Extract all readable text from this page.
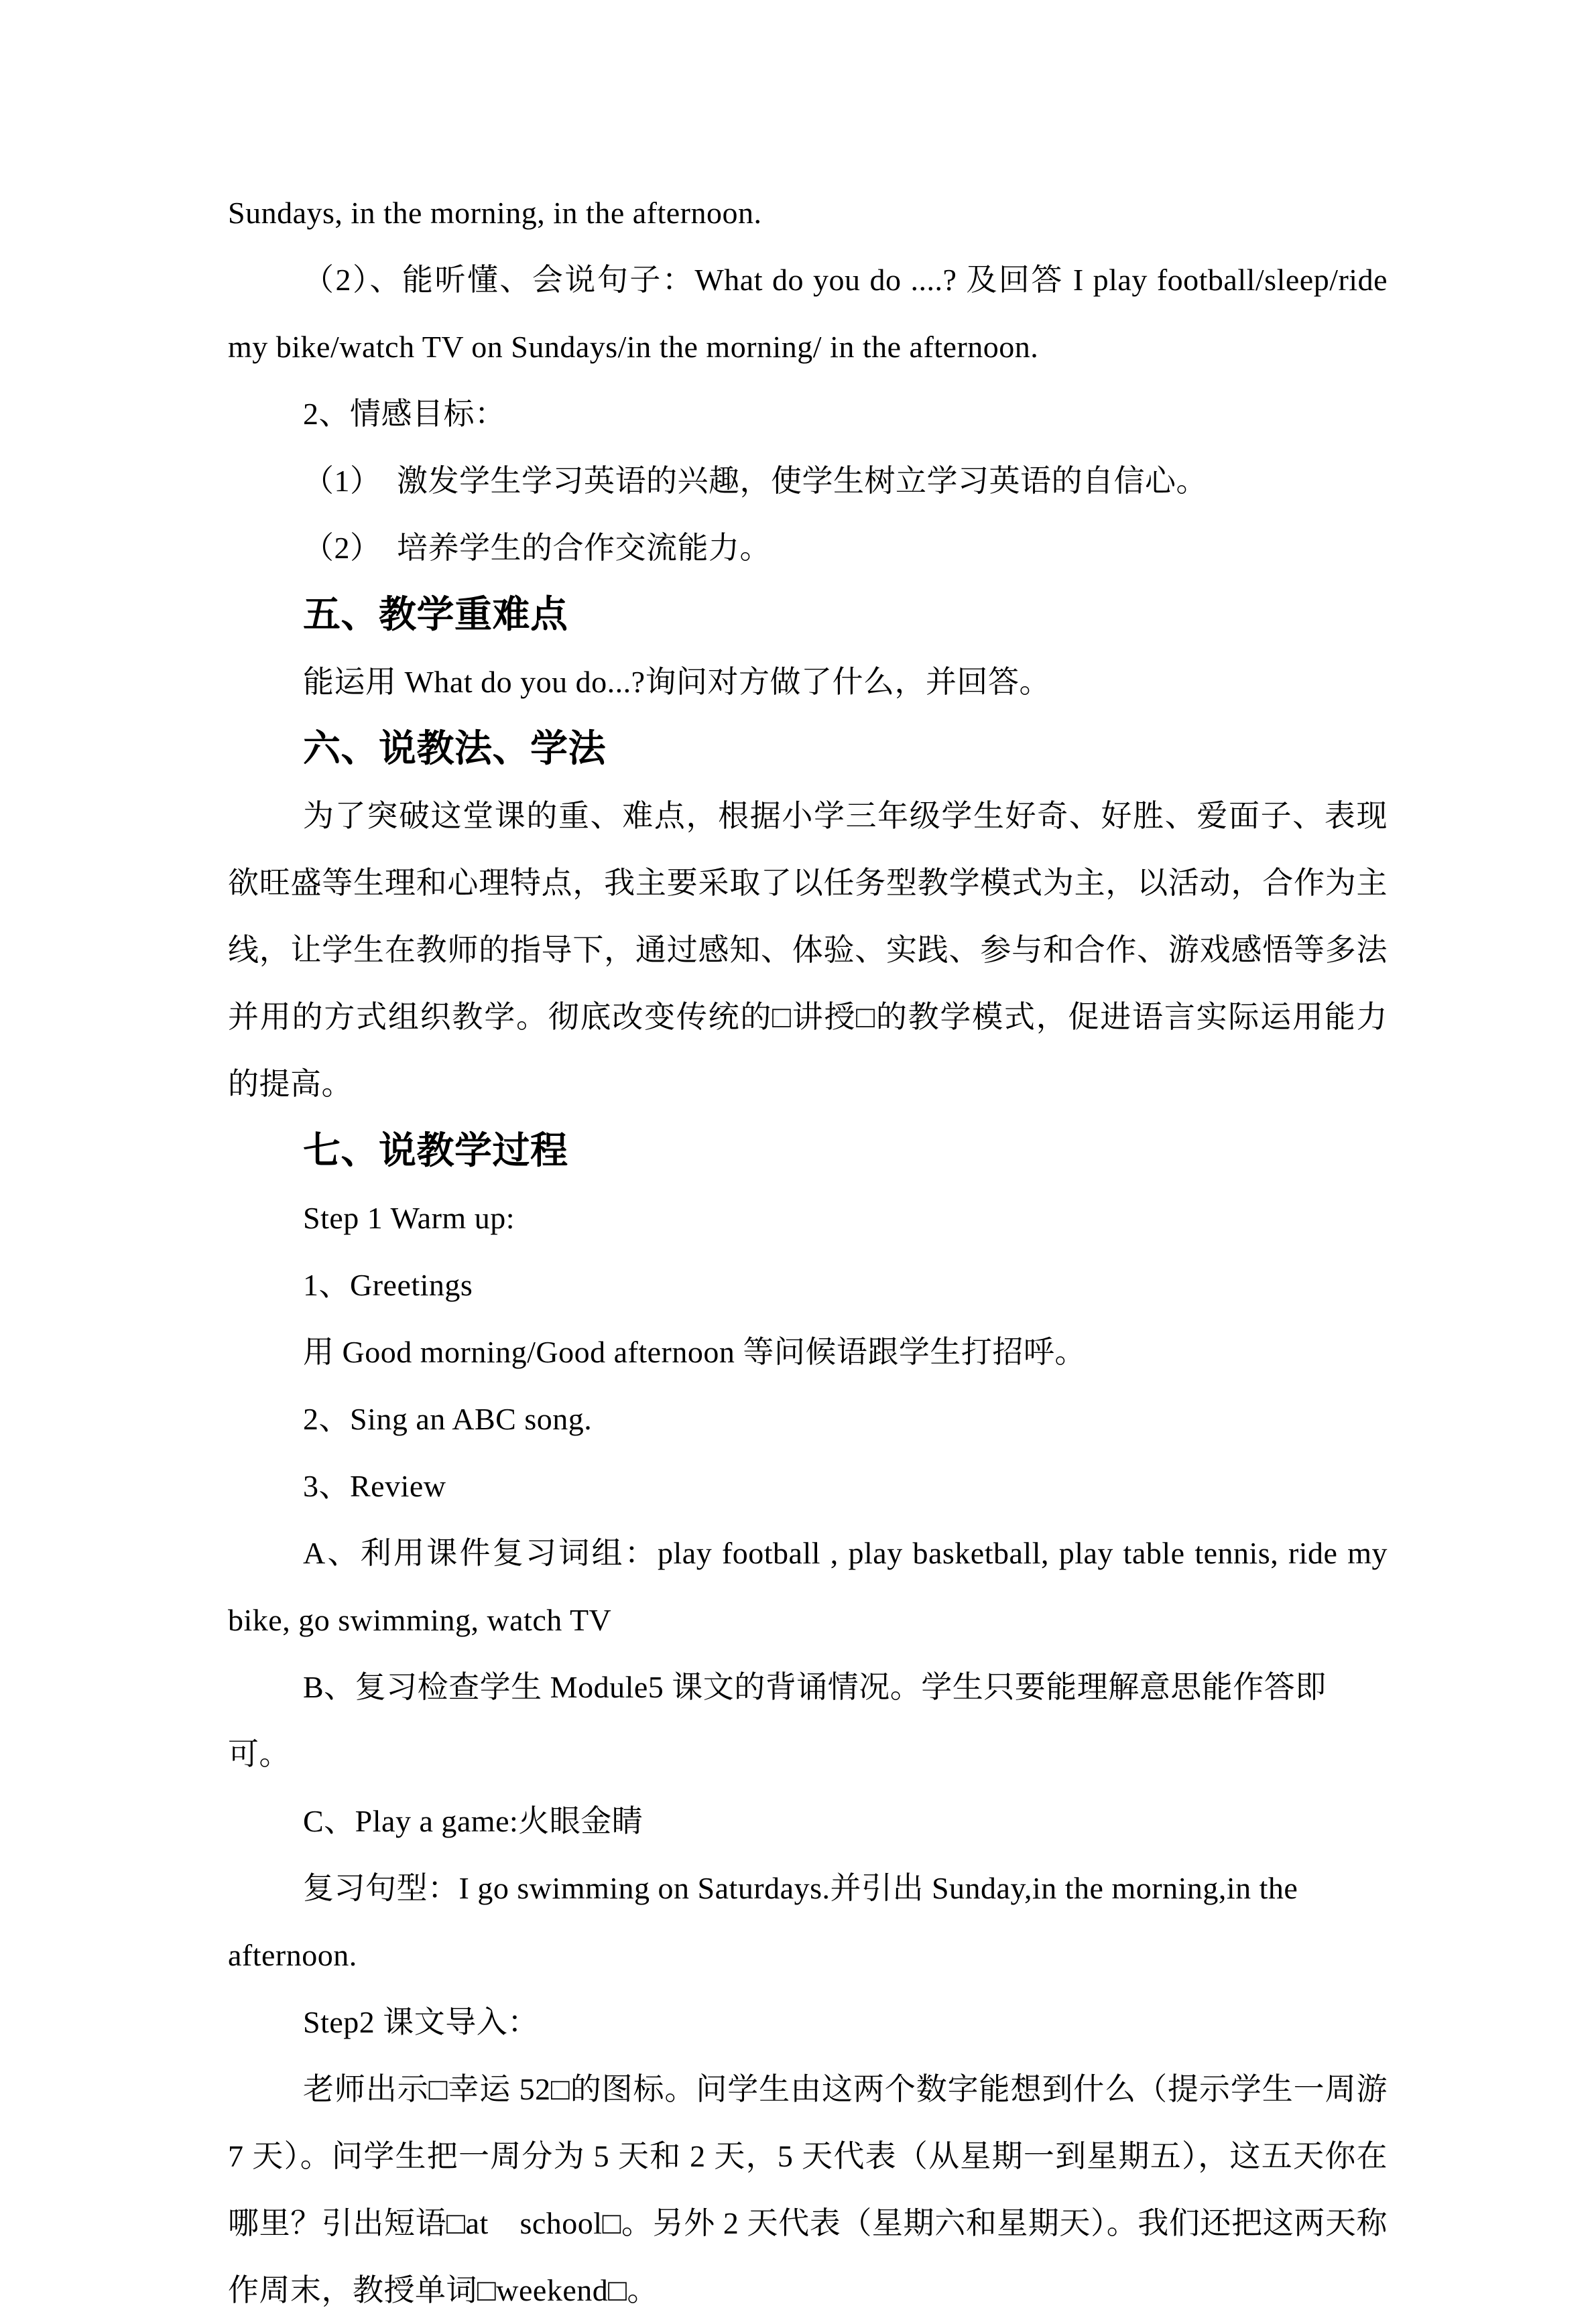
Sundays, in the morning, in the afternoon.

（2）、能听懂、会说句子：What do you do ....? 及回答 I play football/sleep/ride my bike/watch TV on Sundays/in the morning/ in the afternoon.

2、情感目标：

（1）　激发学生学习英语的兴趣，使学生树立学习英语的自信心。

（2）　培养学生的合作交流能力。

五、教学重难点

能运用 What do you do...?询问对方做了什么，并回答。

六、说教法、学法

为了突破这堂课的重、难点，根据小学三年级学生好奇、好胜、爱面子、表现欲旺盛等生理和心理特点，我主要采取了以任务型教学模式为主，以活动，合作为主线，让学生在教师的指导下，通过感知、体验、实践、参与和合作、游戏感悟等多法并用的方式组织教学。彻底改变传统的□讲授□的教学模式，促进语言实际运用能力的提高。

七、说教学过程

Step 1 Warm up:

1、Greetings

用 Good morning/Good afternoon 等问候语跟学生打招呼。

2、Sing an ABC song.

3、Review

A、利用课件复习词组：play football , play basketball, play table tennis, ride my bike, go swimming, watch TV

B、复习检查学生 Module5 课文的背诵情况。学生只要能理解意思能作答即可。

C、Play a game:火眼金睛

复习句型：I go swimming on Saturdays.并引出 Sunday,in the morning,in the afternoon.

Step2 课文导入：

老师出示□幸运 52□的图标。问学生由这两个数字能想到什么（提示学生一周游 7 天）。问学生把一周分为 5 天和 2 天，5 天代表（从星期一到星期五），这五天你在哪里？引出短语□at　school□。另外 2 天代表（星期六和星期天）。我们还把这两天称作周末，教授单词□weekend□。
